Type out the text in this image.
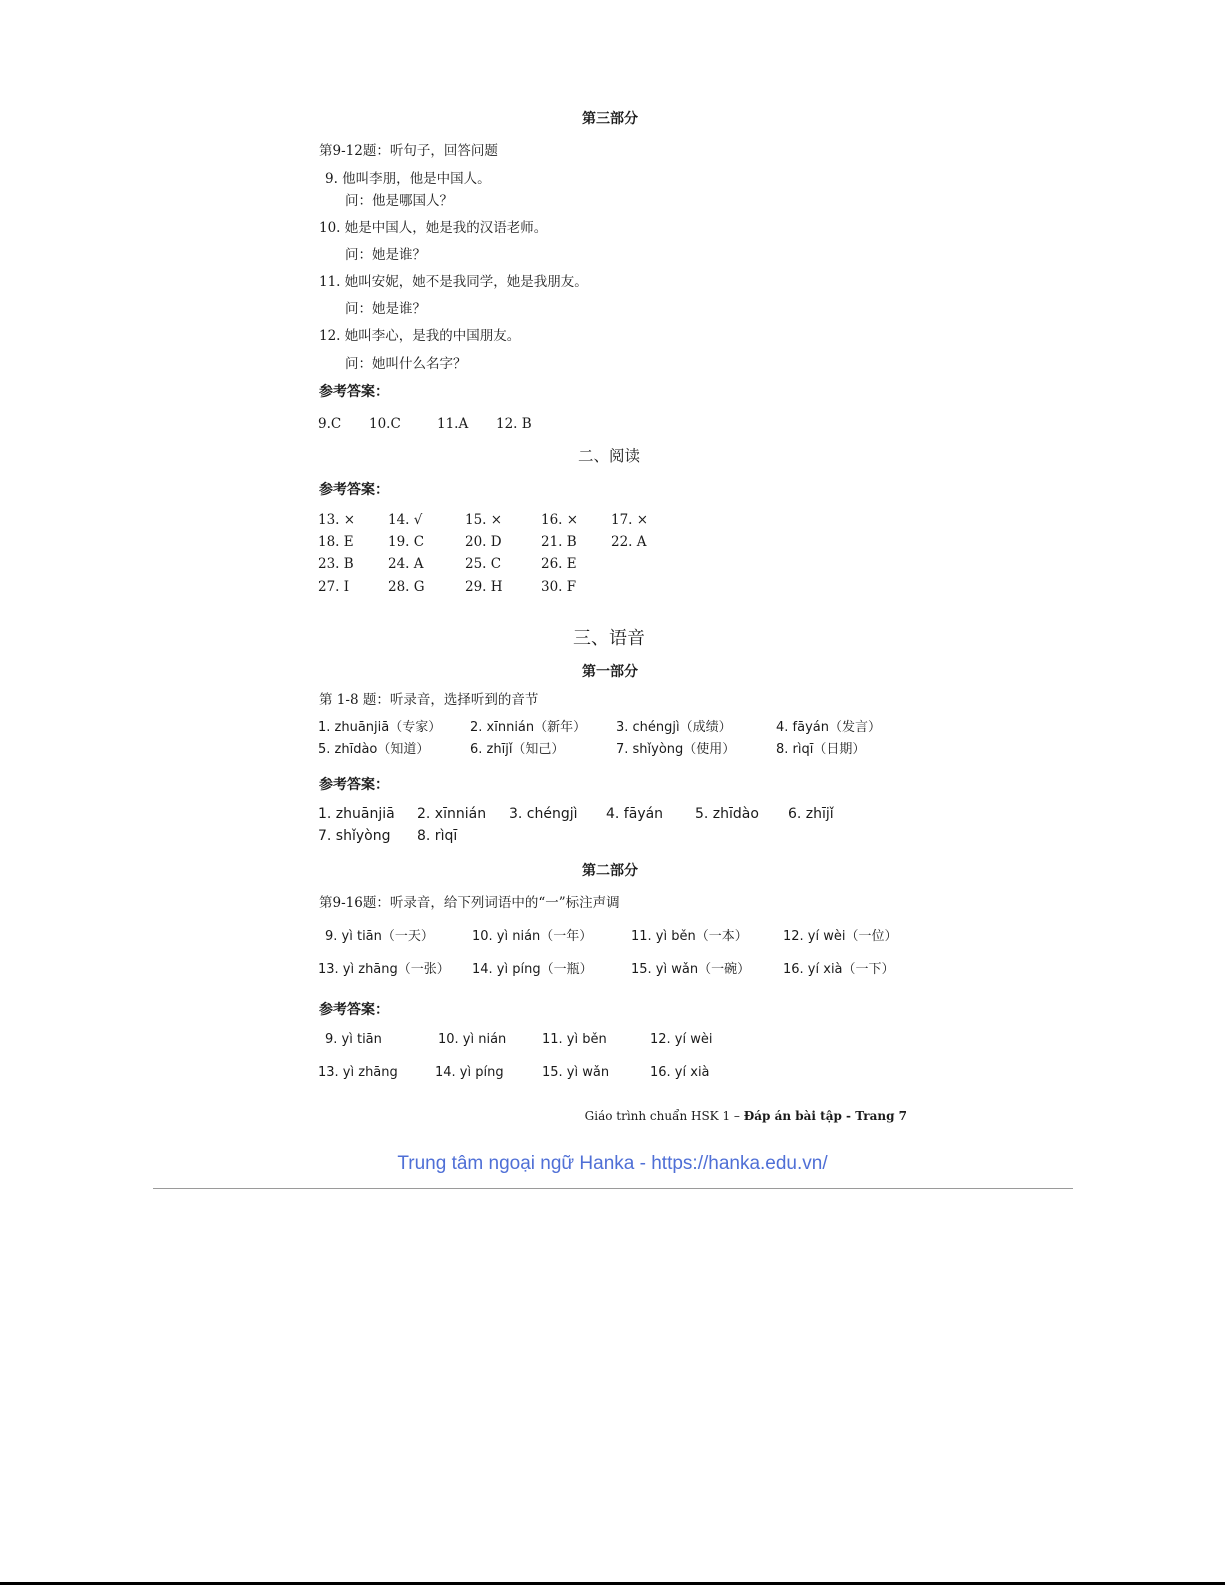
第三部分
第9-12题：听句子，回答问题
9. 他叫李朋，他是中国人。
问：他是哪国人？
10. 她是中国人，她是我的汉语老师。
问：她是谁？
11. 她叫安妮，她不是我同学，她是我朋友。
问：她是谁？
12. 她叫李心，是我的中国朋友。
问：她叫什么名字？
参考答案：
9.C 10.C	11.A 12. B
二、阅读
参考答案：
13. × 14. √	15. ×	16. × 17. ×
18. E	19. C	20. D	21. B	22. A
23. B	24. A	25. C	26. E
27. I	28. G	29. H	30. F
三、语音
第一部分
第 1-8 题：听录音，选择听到的音节
1. zhuānjiā（专家） 2. xīnnián（新年） 3. chéngjì（成绩）	4. fāyán（发言）
5. zhīdào（知道）	6. zhījǐ（知己）	7. shǐyòng（使用）	8. rìqī（日期）
参考答案：
1. zhuānjiā 2. xīnnián 3. chéngjì 4. fāyán 5. zhīdào 6. zhījǐ
7. shǐyòng 8. rìqī
第二部分
第9-16题：听录音，给下列词语中的“一”标注声调
9. yì tiān（一天）	10. yì nián（一年）	11. yì běn（一本）	12. yí wèi（一位）
13. yì zhāng（一张） 14. yì píng（一瓶）	15. yì wǎn（一碗）	16. yí xià（一下）
参考答案：
9. yì tiān	10. yì nián	11. yì běn	12. yí wèi
13. yì zhāng	14. yì píng	15. yì wǎn	16. yí xià
Giáo trình chuẩn HSK 1 – Đáp án bài tập - Trang 7
Trung tâm ngoại ngữ Hanka - https://hanka.edu.vn/
